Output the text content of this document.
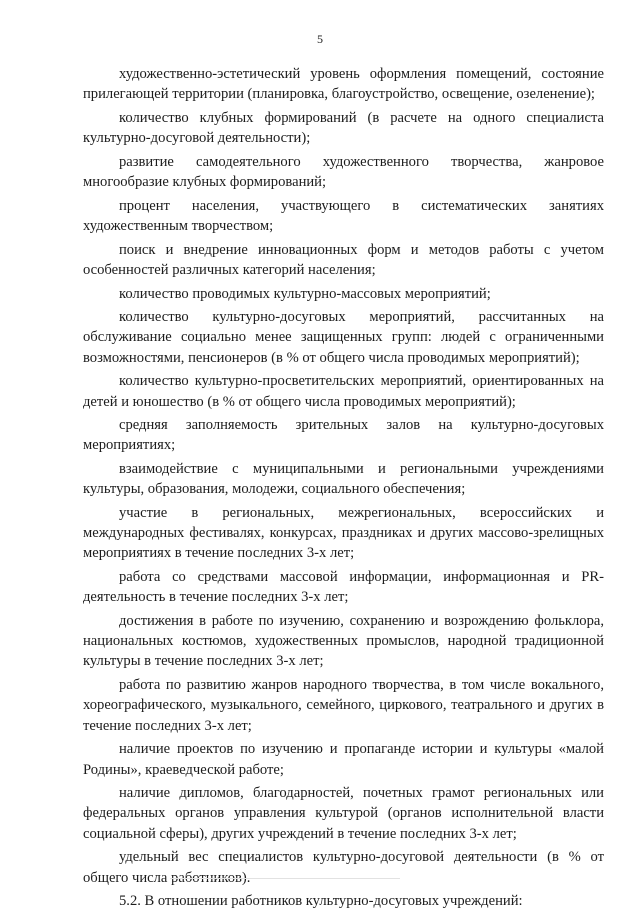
5

художественно-эстетический уровень оформления помещений, состояние прилегающей территории (планировка, благоустройство, освещение, озеленение);

количество клубных формирований (в расчете на одного специалиста культурно-досуговой деятельности);

развитие самодеятельного художественного творчества, жанровое многообразие клубных формирований;

процент населения, участвующего в систематических занятиях художественным творчеством;

поиск и внедрение инновационных форм и методов работы с учетом особенностей различных категорий населения;

количество проводимых культурно-массовых мероприятий;

количество культурно-досуговых мероприятий, рассчитанных на обслуживание социально менее защищенных групп: людей с ограниченными возможностями, пенсионеров (в % от общего числа проводимых мероприятий);

количество культурно-просветительских мероприятий, ориентированных на детей и юношество (в % от общего числа проводимых мероприятий);

средняя заполняемость зрительных залов на культурно-досуговых мероприятиях;

взаимодействие с муниципальными и региональными учреждениями культуры, образования, молодежи, социального обеспечения;

участие в региональных, межрегиональных, всероссийских и международных фестивалях, конкурсах, праздниках и других массово-зрелищных мероприятиях в течение последних 3-х лет;

работа со средствами массовой информации, информационная и PR-деятельность в течение последних 3-х лет;

достижения в работе по изучению, сохранению и возрождению фольклора, национальных костюмов, художественных промыслов, народной традиционной культуры в течение последних 3-х лет;

работа по развитию жанров народного творчества, в том числе вокального, хореографического, музыкального, семейного, циркового, театрального и других в течение последних 3-х лет;

наличие проектов по изучению и пропаганде истории и культуры «малой Родины», краеведческой работе;

наличие дипломов, благодарностей, почетных грамот региональных или федеральных органов управления культурой (органов исполнительной власти социальной сферы), других учреждений в течение последних 3-х лет;

удельный вес специалистов культурно-досуговой деятельности (в % от общего числа работников).

5.2. В отношении работников культурно-досуговых учреждений:
